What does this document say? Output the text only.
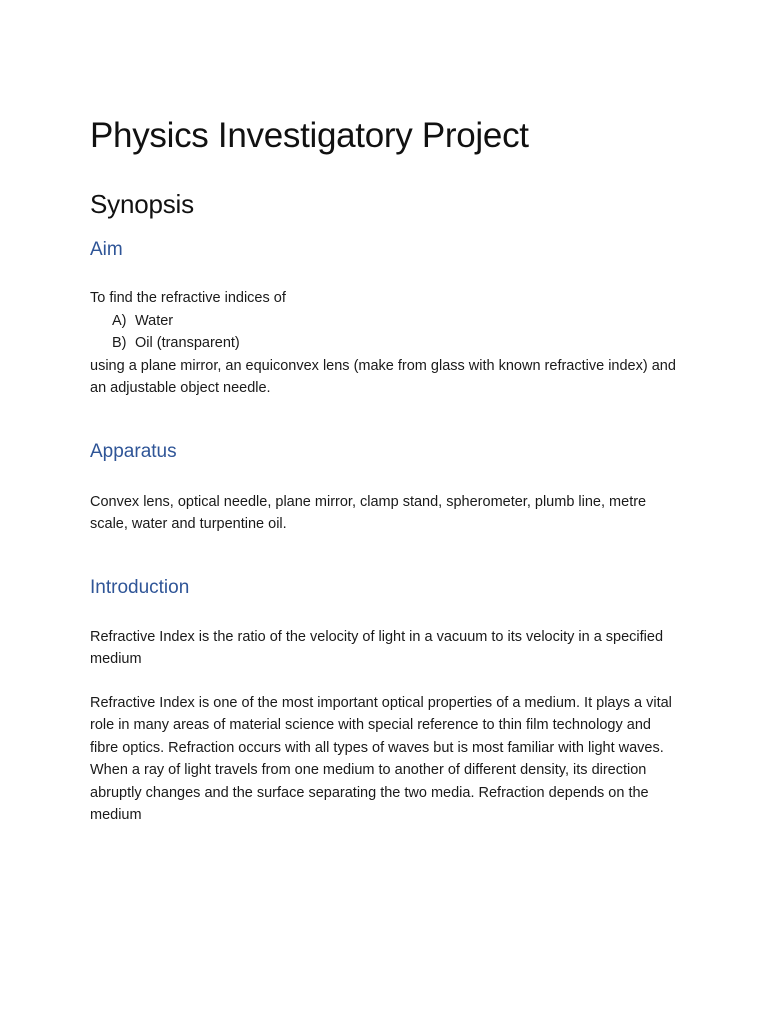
Physics Investigatory Project
Synopsis
Aim

To find the refractive indices of

A) Water
B) Oil (transparent)

using a plane mirror, an equiconvex lens (make from glass with known refractive index) and an adjustable object needle.

Apparatus

Convex lens, optical needle, plane mirror, clamp stand, spherometer, plumb line, metre scale, water and turpentine oil.

Introduction

Refractive Index is the ratio of the velocity of light in a vacuum to its velocity in a specified medium

Refractive Index is one of the most important optical properties of a medium. It plays a vital role in many areas of material science with special reference to thin film technology and fibre optics. Refraction occurs with all types of waves but is most familiar with light waves. When a ray of light travels from one medium to another of different density, its direction abruptly changes and the surface separating the two media. Refraction depends on the medium
